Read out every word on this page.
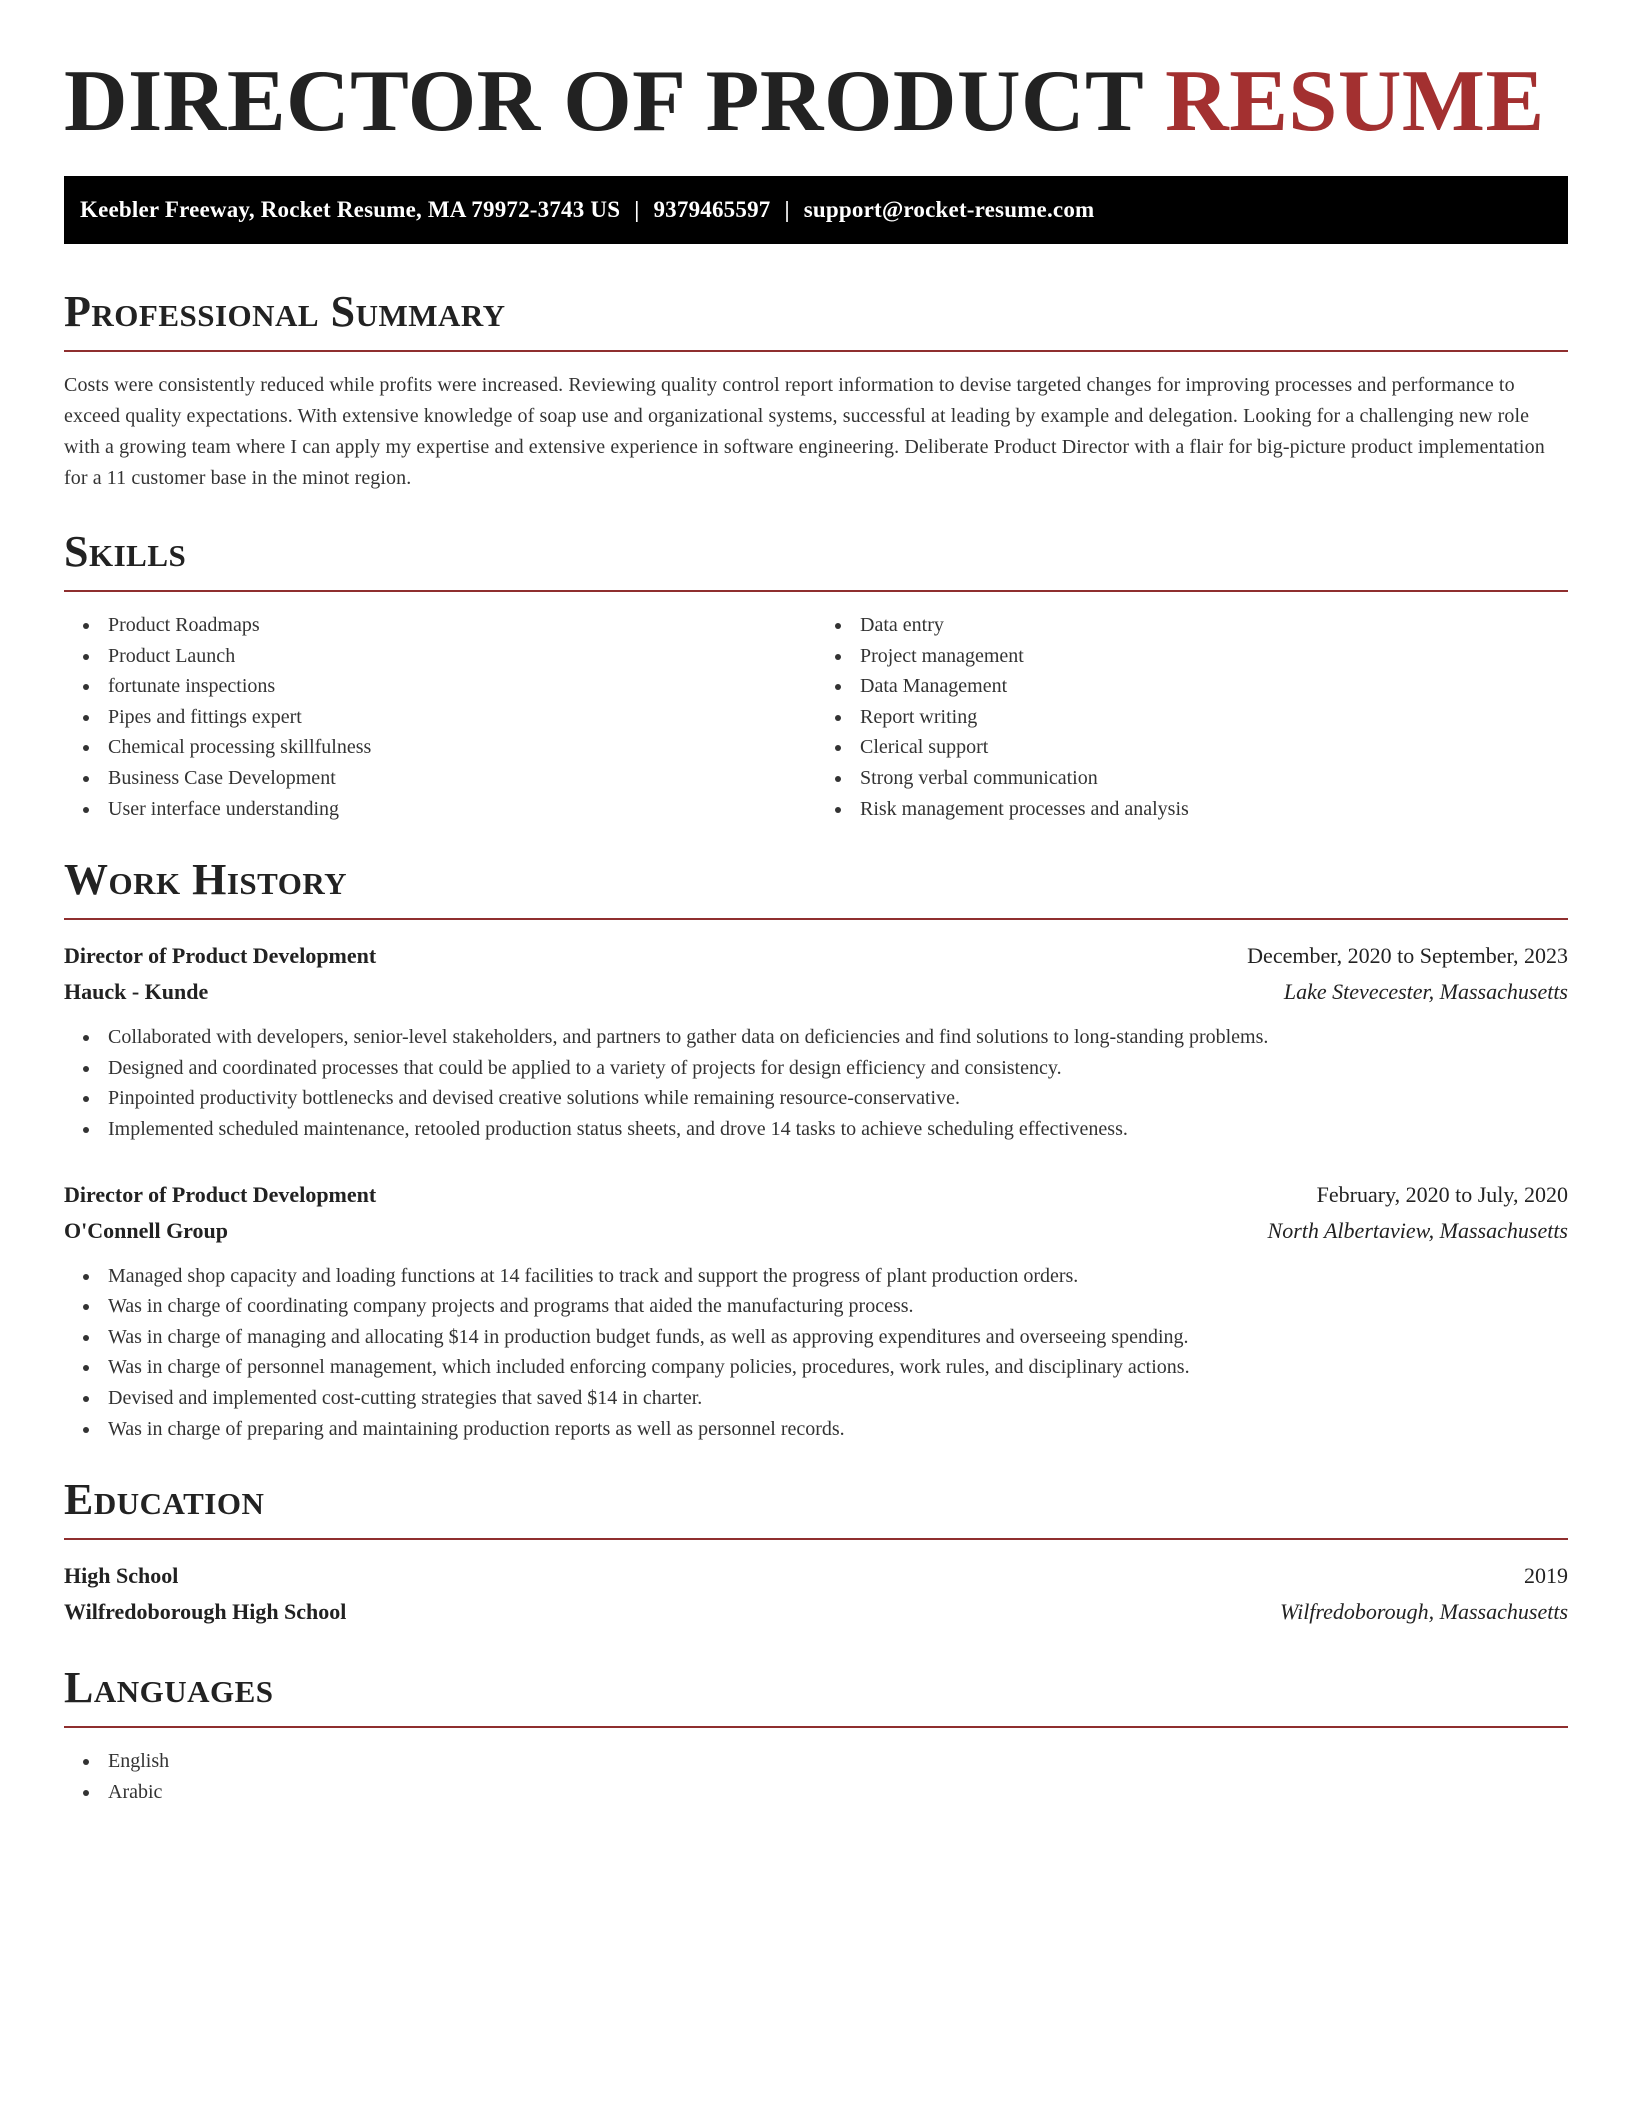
DIRECTOR OF PRODUCT RESUME
Keebler Freeway, Rocket Resume, MA 79972-3743 US | 9379465597 | support@rocket-resume.com
Professional Summary

Costs were consistently reduced while profits were increased. Reviewing quality control report information to devise targeted changes for improving processes and performance to exceed quality expectations. With extensive knowledge of soap use and organizational systems, successful at leading by example and delegation. Looking for a challenging new role with a growing team where I can apply my expertise and extensive experience in software engineering. Deliberate Product Director with a flair for big-picture product implementation for a 11 customer base in the minot region.

Skills
Product Roadmaps
Product Launch
fortunate inspections
Pipes and fittings expert
Chemical processing skillfulness
Business Case Development
User interface understanding
Data entry
Project management
Data Management
Report writing
Clerical support
Strong verbal communication
Risk management processes and analysis
Work History
Director of Product Development	December, 2020 to September, 2023
Hauck - Kunde	Lake Stevecester, Massachusetts
Collaborated with developers, senior-level stakeholders, and partners to gather data on deficiencies and find solutions to long-standing problems.
Designed and coordinated processes that could be applied to a variety of projects for design efficiency and consistency.
Pinpointed productivity bottlenecks and devised creative solutions while remaining resource-conservative.
Implemented scheduled maintenance, retooled production status sheets, and drove 14 tasks to achieve scheduling effectiveness.
Director of Product Development	February, 2020 to July, 2020
O'Connell Group	North Albertaview, Massachusetts
Managed shop capacity and loading functions at 14 facilities to track and support the progress of plant production orders.
Was in charge of coordinating company projects and programs that aided the manufacturing process.
Was in charge of managing and allocating $14 in production budget funds, as well as approving expenditures and overseeing spending.
Was in charge of personnel management, which included enforcing company policies, procedures, work rules, and disciplinary actions.
Devised and implemented cost-cutting strategies that saved $14 in charter.
Was in charge of preparing and maintaining production reports as well as personnel records.
Education
High School	2019
Wilfredoborough High School	Wilfredoborough, Massachusetts
Languages
English
Arabic
